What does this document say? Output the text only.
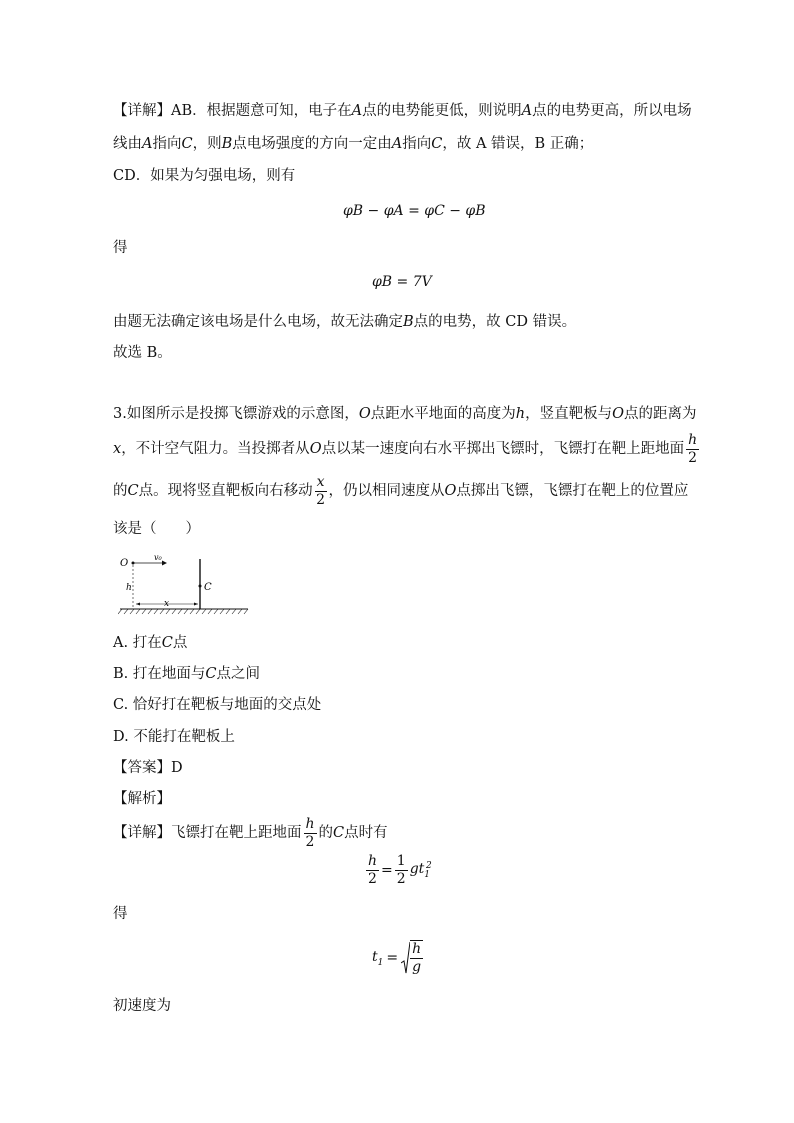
【详解】AB．根据题意可知，电子在A点的电势能更低，则说明A点的电势更高，所以电场
线由A指向C，则B点电场强度的方向一定由A指向C，故 A 错误，B 正确；
CD．如果为匀强电场，则有
φB − φA = φC − φB
得
φB = 7V
由题无法确定该电场是什么电场，故无法确定B点的电势，故 CD 错误。
故选 B。
3.如图所示是投掷飞镖游戏的示意图，O点距水平地面的高度为h，竖直靶板与O点的距离为
x，不计空气阻力。当投掷者从O点以某一速度向右水平掷出飞镖时，飞镖打在靶上距地面 $\frac{h}{2}$
的C点。现将竖直靶板向右移动 $\frac{x}{2}$ ，仍以相同速度从O点掷出飞镖，飞镖打在靶上的位置应
该是（　　）
O
v₀
h	C
x
A. 打在C点
B. 打在地面与C点之间
C. 恰好打在靶板与地面的交点处
D. 不能打在靶板上
【答案】D
【解析】
【详解】飞镖打在靶上距地面 $\frac{h}{2}$ 的C点时有
$\frac{h}{2} = \frac{1}{2} gt_1^2$
得
$t_1 = \frac{h}{g}$
初速度为
